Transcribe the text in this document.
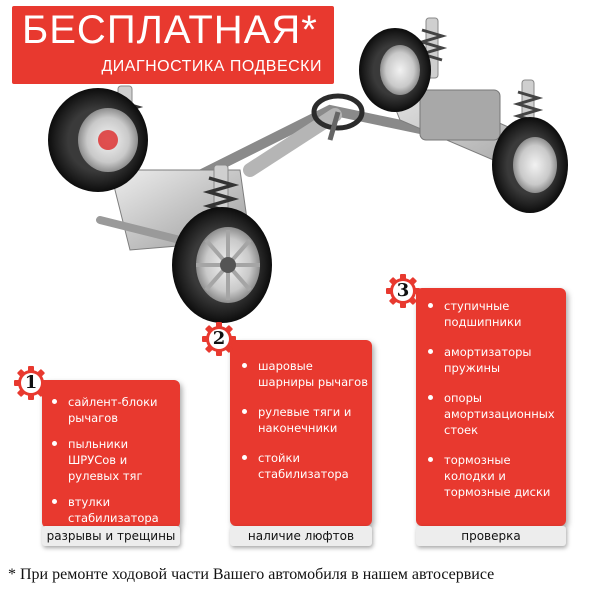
БЕСПЛАТНАЯ*
ДИАГНОСТИКА ПОДВЕСКИ
сайлент-блоки рычагов
пыльники ШРУСов и рулевых тяг
втулки стабилизатора
разрывы и трещины
шаровые шарниры рычагов
рулевые тяги и наконечники
стойки стабилизатора
наличие люфтов
ступичные подшипники
амортизаторы пружины
опоры амортизационных стоек
тормозные колодки и тормозные диски
проверка
1
2
3
* При ремонте ходовой части Вашего автомобиля в нашем автосервисе
